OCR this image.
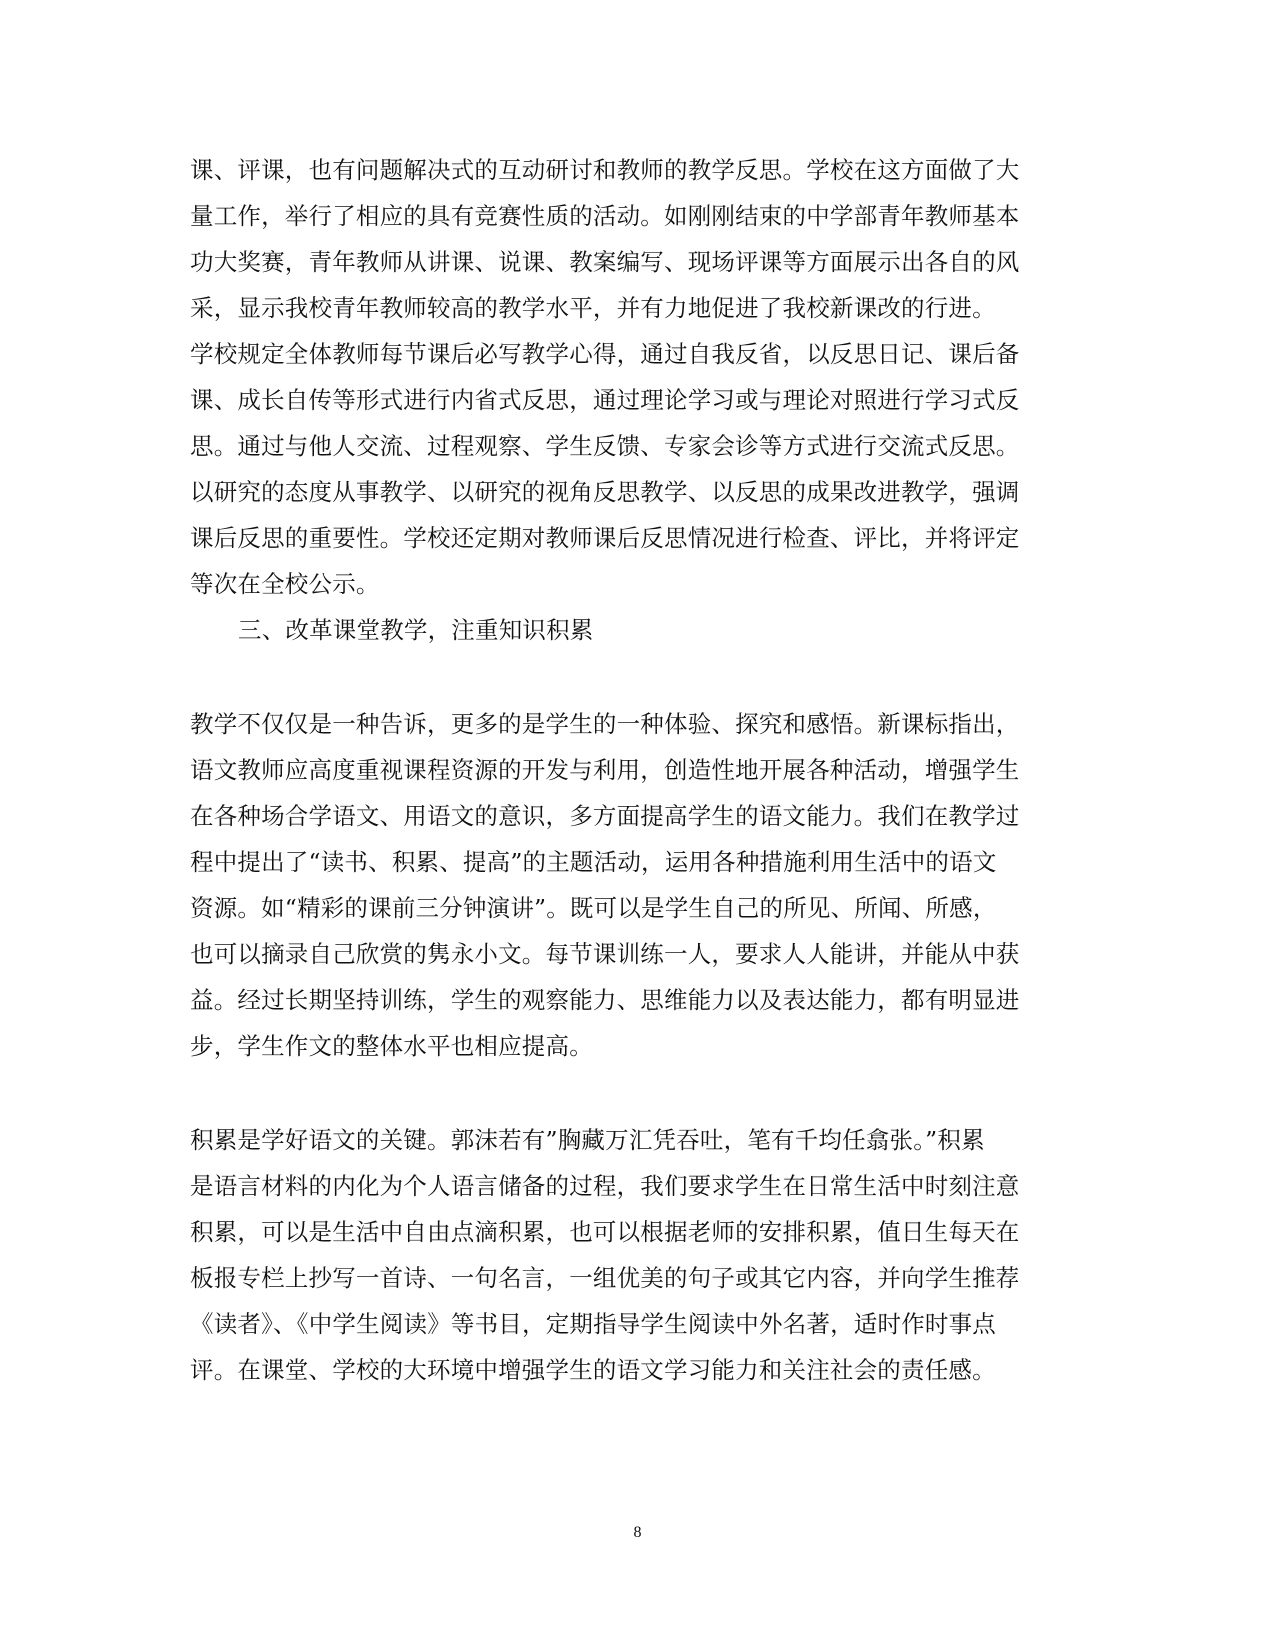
课、评课，也有问题解决式的互动研讨和教师的教学反思。学校在这方面做了大
量工作，举行了相应的具有竞赛性质的活动。如刚刚结束的中学部青年教师基本
功大奖赛，青年教师从讲课、说课、教案编写、现场评课等方面展示出各自的风
采，显示我校青年教师较高的教学水平，并有力地促进了我校新课改的行进。
学校规定全体教师每节课后必写教学心得，通过自我反省，以反思日记、课后备
课、成长自传等形式进行内省式反思，通过理论学习或与理论对照进行学习式反
思。通过与他人交流、过程观察、学生反馈、专家会诊等方式进行交流式反思。
以研究的态度从事教学、以研究的视角反思教学、以反思的成果改进教学，强调
课后反思的重要性。学校还定期对教师课后反思情况进行检查、评比，并将评定
等次在全校公示。
三、改革课堂教学，注重知识积累
教学不仅仅是一种告诉，更多的是学生的一种体验、探究和感悟。新课标指出，
语文教师应高度重视课程资源的开发与利用，创造性地开展各种活动，增强学生
在各种场合学语文、用语文的意识，多方面提高学生的语文能力。我们在教学过
程中提出了“读书、积累、提高”的主题活动，运用各种措施利用生活中的语文
资源。如“精彩的课前三分钟演讲”。既可以是学生自己的所见、所闻、所感，
也可以摘录自己欣赏的隽永小文。每节课训练一人，要求人人能讲，并能从中获
益。经过长期坚持训练，学生的观察能力、思维能力以及表达能力，都有明显进
步，学生作文的整体水平也相应提高。
积累是学好语文的关键。郭沫若有”胸藏万汇凭吞吐，笔有千均任翕张。”积累
是语言材料的内化为个人语言储备的过程，我们要求学生在日常生活中时刻注意
积累，可以是生活中自由点滴积累，也可以根据老师的安排积累，值日生每天在
板报专栏上抄写一首诗、一句名言，一组优美的句子或其它内容，并向学生推荐
《读者》、《中学生阅读》等书目，定期指导学生阅读中外名著，适时作时事点
评。在课堂、学校的大环境中增强学生的语文学习能力和关注社会的责任感。
8
